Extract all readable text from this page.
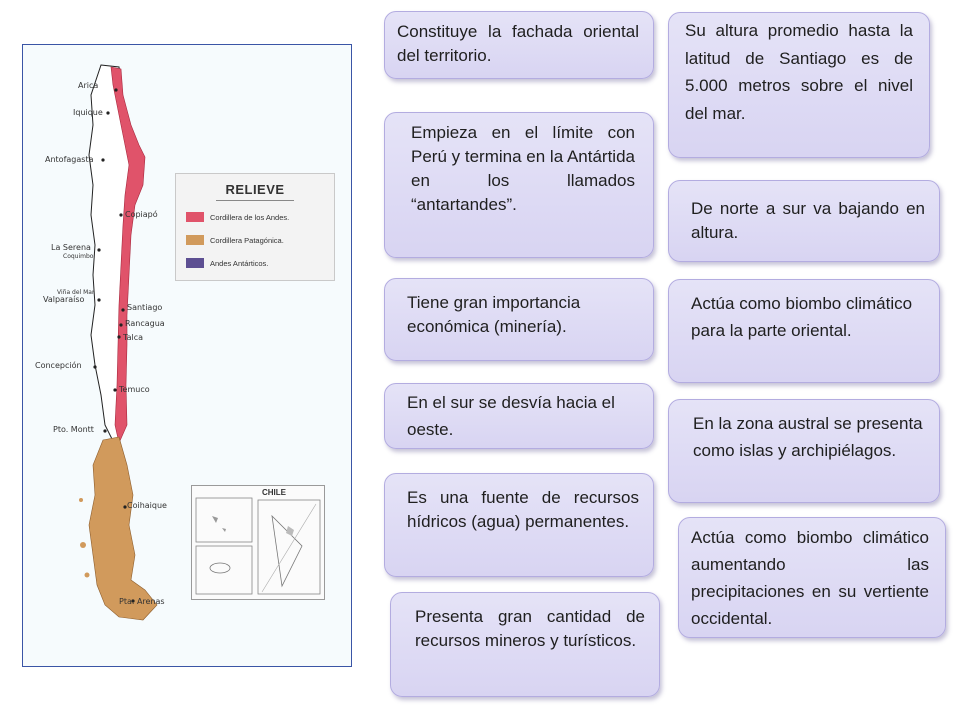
Arica
Iquique
Antofagasta
Copiapó
La Serena
Coquimbo
Valparaíso
Viña del Mar
Santiago
Rancagua
Talca
Concepción
Temuco
Pto. Montt
Coihaique
Pta. Arenas
RELIEVE
Cordillera de los Andes.
Cordillera Patagónica.
Andes Antárticos.
CHILE
Constituye la fachada oriental del territorio.
Empieza en el límite con Perú y termina en la Antártida en los llamados “antartandes”.
Tiene gran importancia económica (minería).
En el sur se desvía hacia el oeste.
Es una fuente de recursos hídricos (agua) permanentes.
Presenta gran cantidad de recursos mineros y turísticos.
Su altura promedio hasta la latitud de Santiago es de 5.000 metros sobre el nivel del mar.
De norte a sur va bajando en altura.
Actúa como biombo climático para la parte oriental.
En la zona austral se presenta como islas y archipiélagos.
Actúa como biombo climático aumentando las precipitaciones en su vertiente occidental.
